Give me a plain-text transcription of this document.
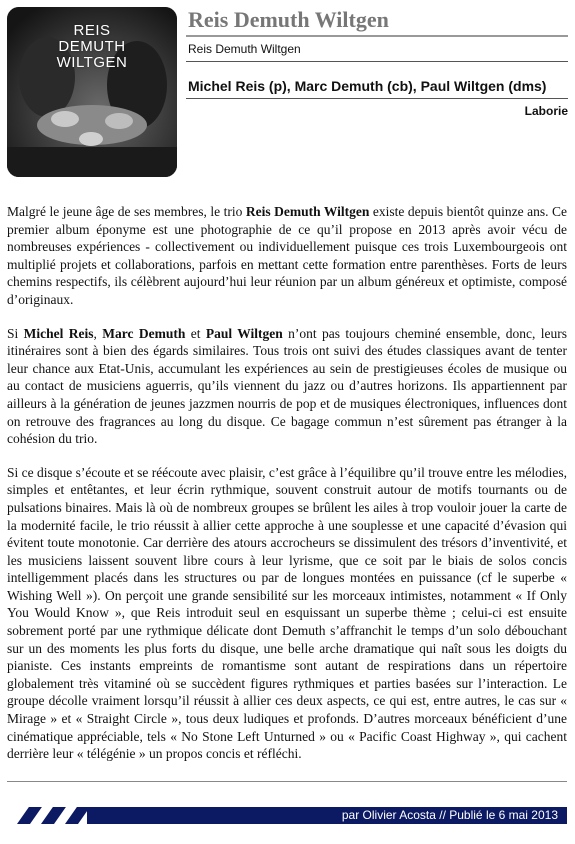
REIS
DEMUTH
WILTGEN
Reis Demuth Wiltgen
Reis Demuth Wiltgen
Michel Reis (p), Marc Demuth (cb), Paul Wiltgen (dms)
Laborie

Malgré le jeune âge de ses membres, le trio Reis Demuth Wiltgen existe depuis bientôt quinze ans. Ce premier album éponyme est une photographie de ce qu’il propose en 2013 après avoir vécu de nombreuses expériences - collectivement ou individuellement puisque ces trois Luxembourgeois ont multiplié projets et collaborations, parfois en mettant cette formation entre parenthèses. Forts de leurs chemins respectifs, ils célèbrent aujourd’hui leur réunion par un album généreux et optimiste, composé d’originaux.

Si Michel Reis, Marc Demuth et Paul Wiltgen n’ont pas toujours cheminé ensemble, donc, leurs itinéraires sont à bien des égards similaires. Tous trois ont suivi des études classiques avant de tenter leur chance aux Etat-Unis, accumulant les expériences au sein de prestigieuses écoles de musique ou au contact de musiciens aguerris, qu’ils viennent du jazz ou d’autres horizons. Ils appartiennent par ailleurs à la génération de jeunes jazzmen nourris de pop et de musiques électroniques, influences dont on retrouve des fragrances au long du disque. Ce bagage commun n’est sûrement pas étranger à la cohésion du trio.

Si ce disque s’écoute et se réécoute avec plaisir, c’est grâce à l’équilibre qu’il trouve entre les mélodies, simples et entêtantes, et leur écrin rythmique, souvent construit autour de motifs tournants ou de pulsations binaires. Mais là où de nombreux groupes se brûlent les ailes à trop vouloir jouer la carte de la modernité facile, le trio réussit à allier cette approche à une souplesse et une capacité d’évasion qui évitent toute monotonie. Car derrière des atours accrocheurs se dissimulent des trésors d’inventivité, et les musiciens laissent souvent libre cours à leur lyrisme, que ce soit par le biais de solos concis intelligemment placés dans les structures ou par de longues montées en puissance (cf le superbe « Wishing Well »). On perçoit une grande sensibilité sur les morceaux intimistes, notamment « If Only You Would Know », que Reis introduit seul en esquissant un superbe thème ; celui-ci est ensuite sobrement porté par une rythmique délicate dont Demuth s’affranchit le temps d’un solo débouchant sur un des moments les plus forts du disque, une belle arche dramatique qui naît sous les doigts du pianiste. Ces instants empreints de romantisme sont autant de respirations dans un répertoire globalement très vitaminé où se succèdent figures rythmiques et parties basées sur l’interaction. Le groupe décolle vraiment lorsqu’il réussit à allier ces deux aspects, ce qui est, entre autres, le cas sur « Mirage » et « Straight Circle », tous deux ludiques et profonds. D’autres morceaux bénéficient d’une cinématique appréciable, tels « No Stone Left Unturned » ou « Pacific Coast Highway », qui cachent derrière leur « télégénie » un propos concis et réfléchi.

par Olivier Acosta // Publié le 6 mai 2013
